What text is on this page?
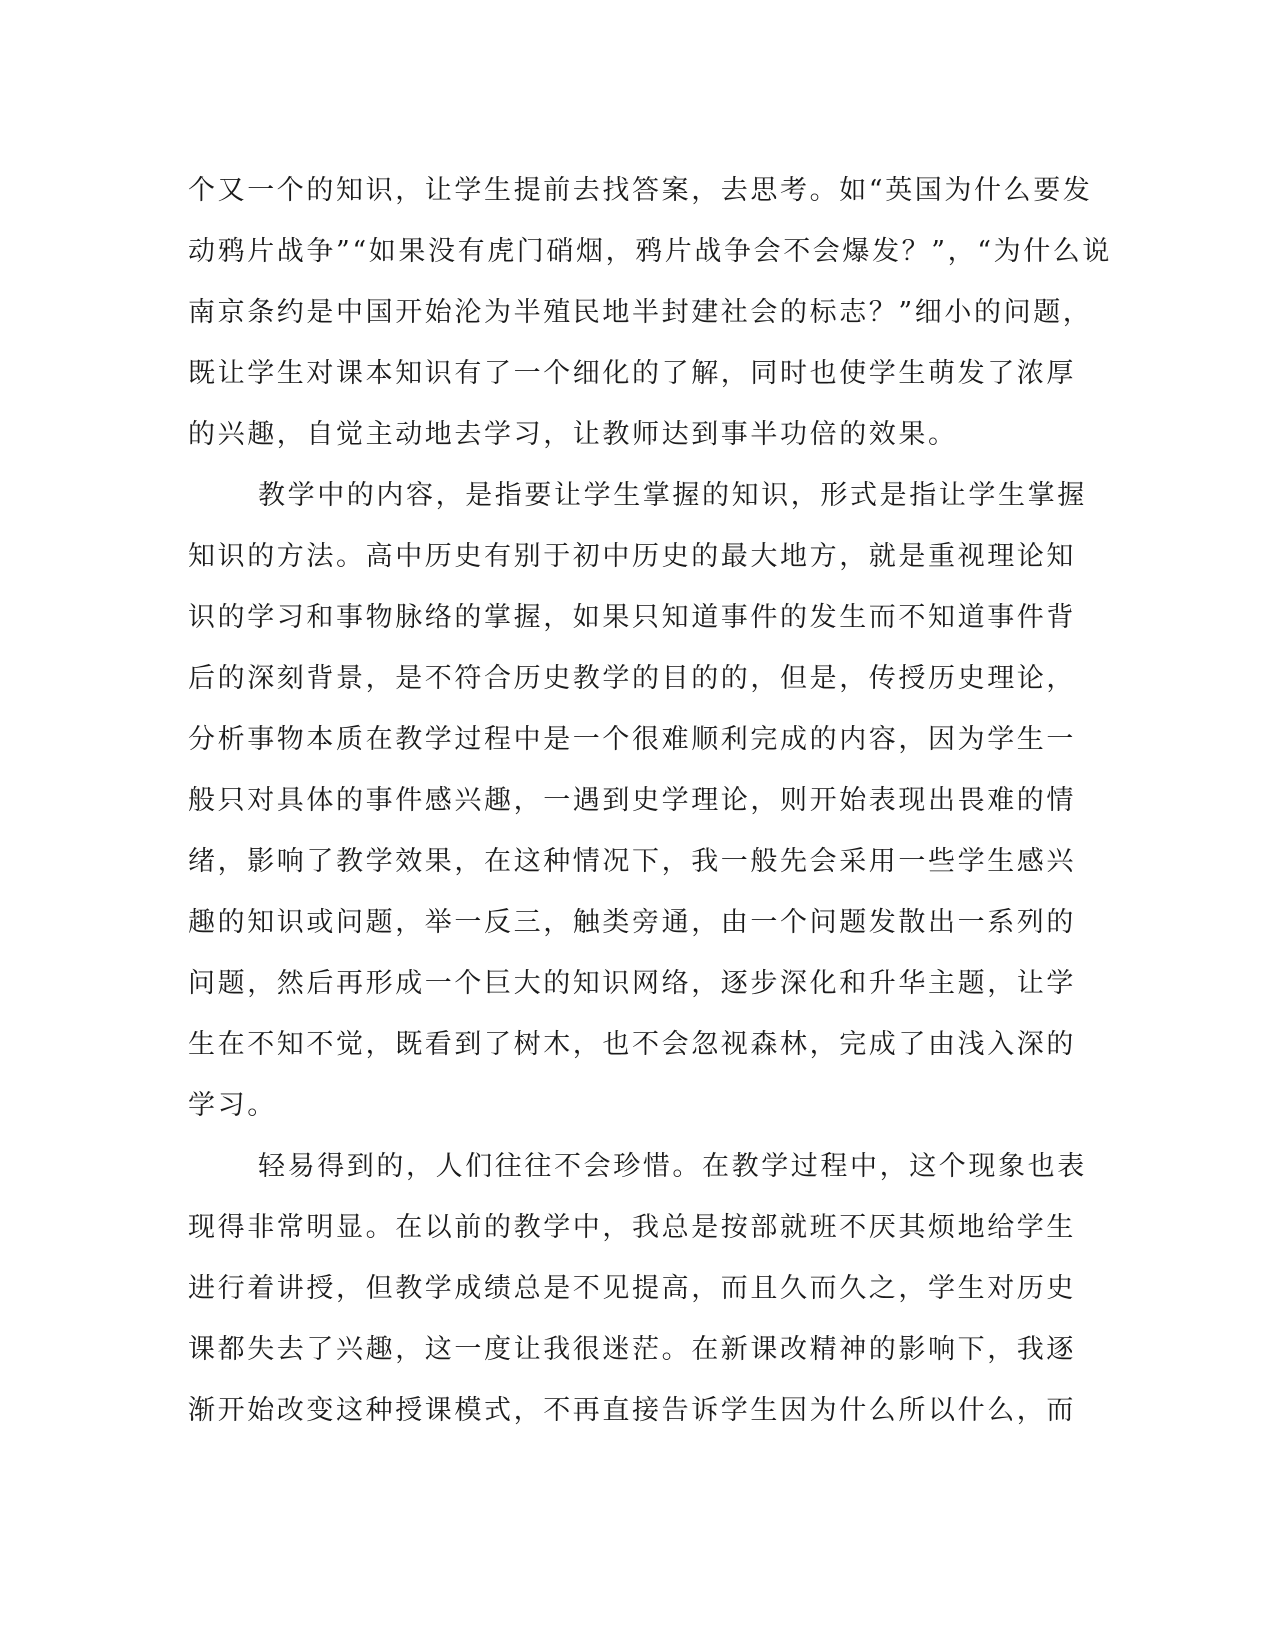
个又一个的知识，让学生提前去找答案，去思考。如“英国为什么要发
动鸦片战争”“如果没有虎门硝烟，鸦片战争会不会爆发？”，“为什么说
南京条约是中国开始沦为半殖民地半封建社会的标志？”细小的问题，
既让学生对课本知识有了一个细化的了解，同时也使学生萌发了浓厚
的兴趣，自觉主动地去学习，让教师达到事半功倍的效果。
教学中的内容，是指要让学生掌握的知识，形式是指让学生掌握
知识的方法。高中历史有别于初中历史的最大地方，就是重视理论知
识的学习和事物脉络的掌握，如果只知道事件的发生而不知道事件背
后的深刻背景，是不符合历史教学的目的的，但是，传授历史理论，
分析事物本质在教学过程中是一个很难顺利完成的内容，因为学生一
般只对具体的事件感兴趣，一遇到史学理论，则开始表现出畏难的情
绪，影响了教学效果，在这种情况下，我一般先会采用一些学生感兴
趣的知识或问题，举一反三，触类旁通，由一个问题发散出一系列的
问题，然后再形成一个巨大的知识网络，逐步深化和升华主题，让学
生在不知不觉，既看到了树木，也不会忽视森林，完成了由浅入深的
学习。
轻易得到的，人们往往不会珍惜。在教学过程中，这个现象也表
现得非常明显。在以前的教学中，我总是按部就班不厌其烦地给学生
进行着讲授，但教学成绩总是不见提高，而且久而久之，学生对历史
课都失去了兴趣，这一度让我很迷茫。在新课改精神的影响下，我逐
渐开始改变这种授课模式，不再直接告诉学生因为什么所以什么，而
